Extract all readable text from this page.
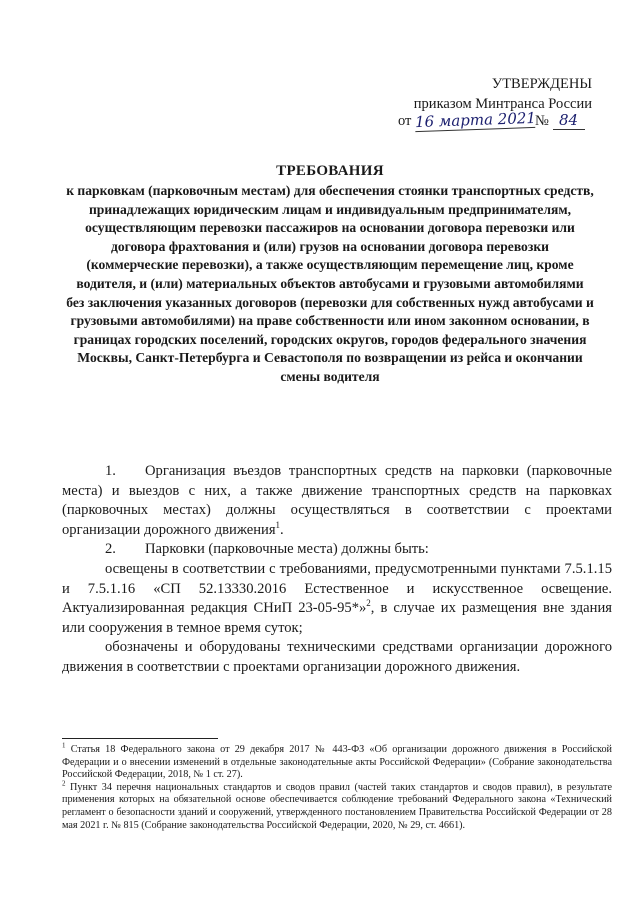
УТВЕРЖДЕНЫ
приказом Минтранса России
от 16 марта 2021№ 84
ТРЕБОВАНИЯ
к парковкам (парковочным местам) для обеспечения стоянки транспортных средств, принадлежащих юридическим лицам и индивидуальным предпринимателям, осуществляющим перевозки пассажиров на основании договора перевозки или договора фрахтования и (или) грузов на основании договора перевозки (коммерческие перевозки), а также осуществляющим перемещение лиц, кроме водителя, и (или) материальных объектов автобусами и грузовыми автомобилями без заключения указанных договоров (перевозки для собственных нужд автобусами и грузовыми автомобилями) на праве собственности или ином законном основании, в границах городских поселений, городских округов, городов федерального значения Москвы, Санкт-Петербурга и Севастополя по возвращении из рейса и окончании смены водителя

1. Организация въездов транспортных средств на парковки (парковочные места) и выездов с них, а также движение транспортных средств на парковках (парковочных местах) должны осуществляться в соответствии с проектами организации дорожного движения$^1$.

2. Парковки (парковочные места) должны быть:

освещены в соответствии с требованиями, предусмотренными пунктами 7.5.1.15 и 7.5.1.16 «СП 52.13330.2016 Естественное и искусственное освещение. Актуализированная редакция СНиП 23-05-95*»$^2$, в случае их размещения вне здания или сооружения в темное время суток;

обозначены и оборудованы техническими средствами организации дорожного движения в соответствии с проектами организации дорожного движения.

$^1$ Статья 18 Федерального закона от 29 декабря 2017 № 443-ФЗ «Об организации дорожного движения в Российской Федерации и о внесении изменений в отдельные законодательные акты Российской Федерации» (Собрание законодательства Российской Федерации, 2018, № 1 ст. 27).

$^2$ Пункт 34 перечня национальных стандартов и сводов правил (частей таких стандартов и сводов правил), в результате применения которых на обязательной основе обеспечивается соблюдение требований Федерального закона «Технический регламент о безопасности зданий и сооружений, утвержденного постановлением Правительства Российской Федерации от 28 мая 2021 г. № 815 (Собрание законодательства Российской Федерации, 2020, № 29, ст. 4661).
